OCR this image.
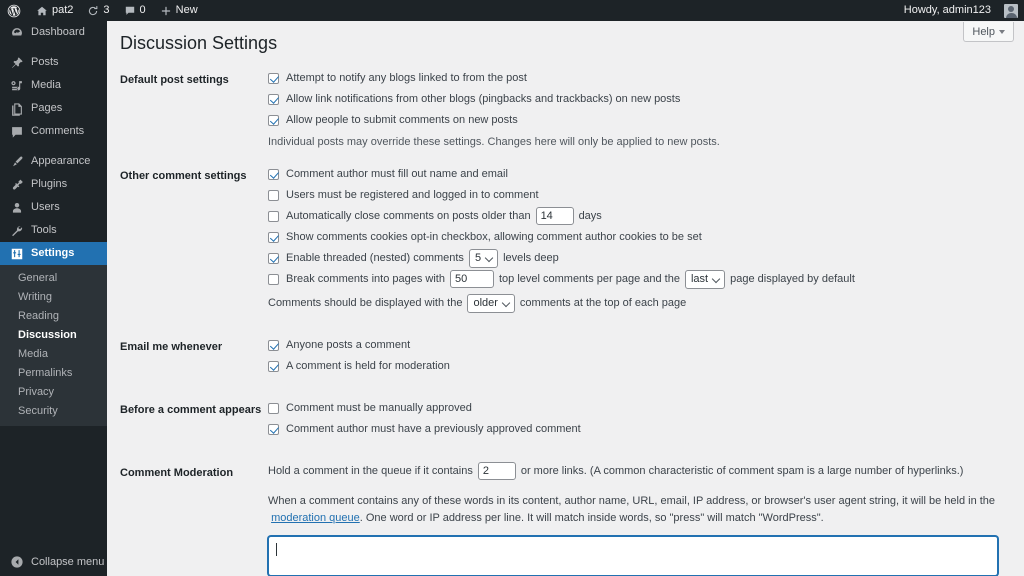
pat2	3	0	New	Howdy, admin123
Dashboard
Posts
Media
Pages
Comments
Appearance
Plugins
Users
Tools
Settings
General
Writing
Reading
Discussion
Media
Permalinks
Privacy
Security
Collapse menu
Help
Discussion Settings
Default post settings	Attempt to notify any blogs linked to from the post
Allow link notifications from other blogs (pingbacks and trackbacks) on new posts
Allow people to submit comments on new posts
Individual posts may override these settings. Changes here will only be applied to new posts.
Other comment settings	Comment author must fill out name and email
Users must be registered and logged in to comment
Automatically close comments on posts older than 14	days
Show comments cookies opt-in checkbox, allowing comment author cookies to be set
Enable threaded (nested) comments	5	levels deep
Break comments into pages with 50	top level comments per page and the	last	page displayed by default
Comments should be displayed with the	older	comments at the top of each page
Email me whenever	Anyone posts a comment
A comment is held for moderation
Before a comment appears	Comment must be manually approved
Comment author must have a previously approved comment
Comment Moderation	Hold a comment in the queue if it contains 2	or more links. (A common characteristic of comment spam is a large number of hyperlinks.)
When a comment contains any of these words in its content, author name, URL, email, IP address, or browser's user agent string, it will be held in the  moderation queue. One word or IP address per line. It will match inside words, so "press" will match "WordPress".
